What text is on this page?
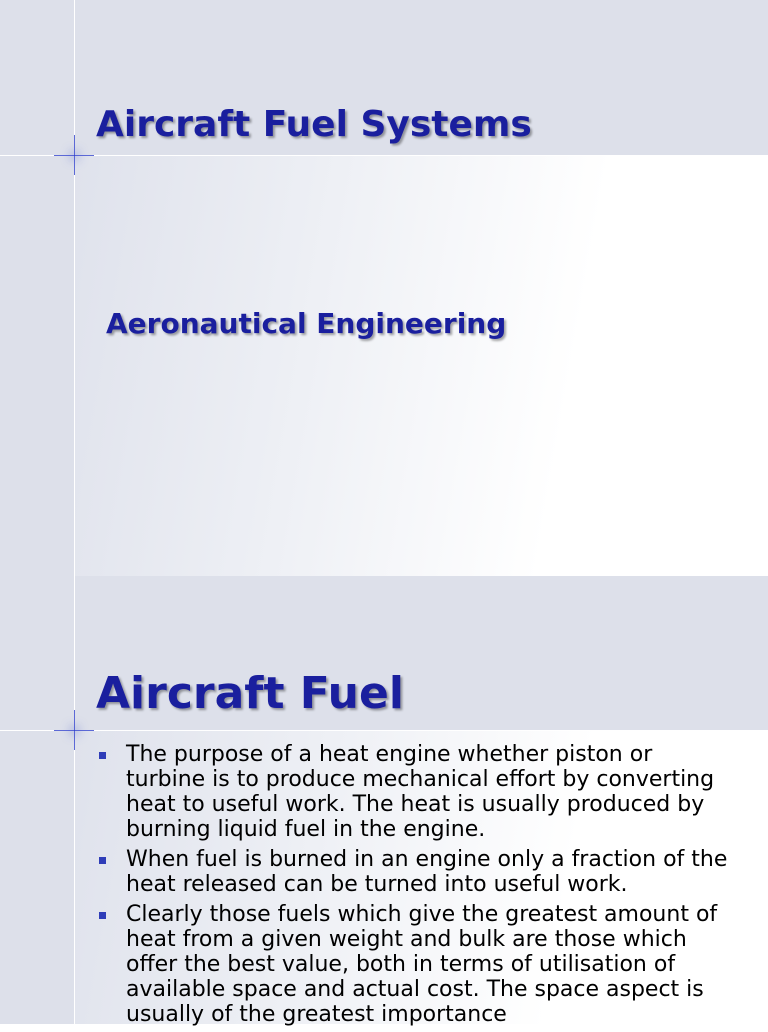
Aircraft Fuel Systems
Aeronautical Engineering
Aircraft Fuel
The purpose of a heat engine whether piston or turbine is to produce mechanical effort by converting heat to useful work. The heat is usually produced by burning liquid fuel in the engine.
When fuel is burned in an engine only a fraction of the heat released can be turned into useful work.
Clearly those fuels which give the greatest amount of heat from a given weight and bulk are those which offer the best value, both in terms of utilisation of available space and actual cost. The space aspect is usually of the greatest importance
